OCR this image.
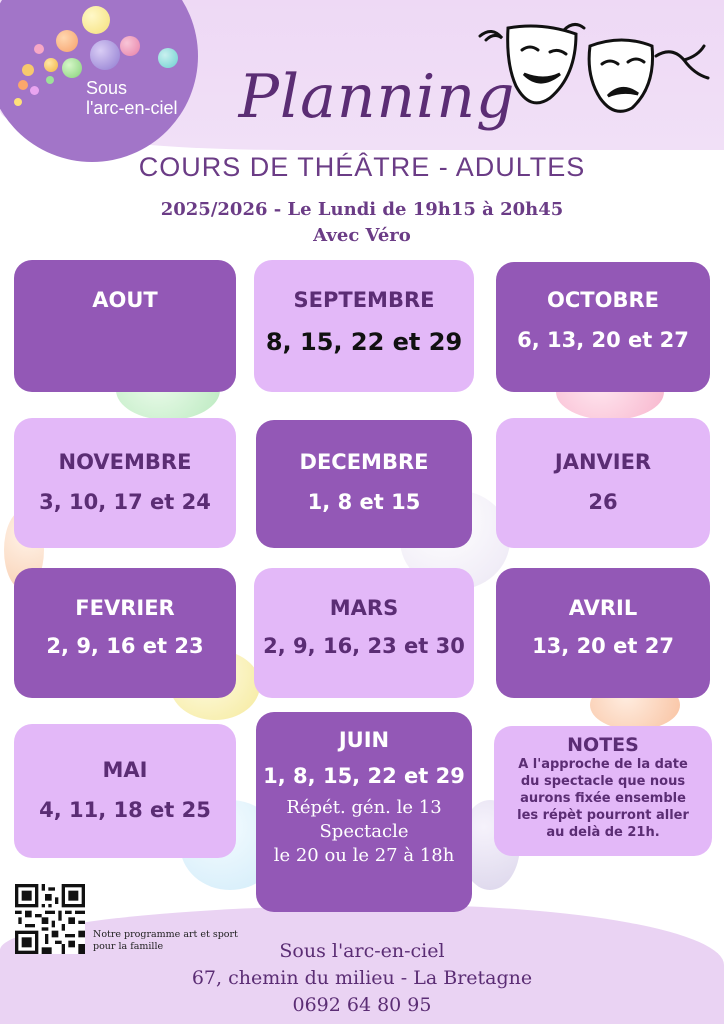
Sous
l'arc-en-ciel Planning
COURS DE THÉÂTRE - ADULTES
2025/2026 - Le Lundi de 19h15 à 20h45
Avec Véro
AOUT	SEPTEMBRE
8, 15, 22 et 29
OCTOBRE
6, 13, 20 et 27
NOVEMBRE
3, 10, 17 et 24
DECEMBRE
1, 8 et 15
JANVIER
26
FEVRIER
2, 9, 16 et 23
MARS
2, 9, 16, 23 et 30
AVRIL
13, 20 et 27
MAI
4, 11, 18 et 25
JUIN
1, 8, 15, 22 et 29
Répét. gén. le 13
Spectacle
le 20 ou le 27 à 18h
NOTES
A l'approche de la date
du spectacle que nous
aurons fixée ensemble
les répèt pourront aller
au delà de 21h.
Notre programme art et sport
pour la famille	Sous l'arc-en-ciel
67, chemin du milieu - La Bretagne
0692 64 80 95
